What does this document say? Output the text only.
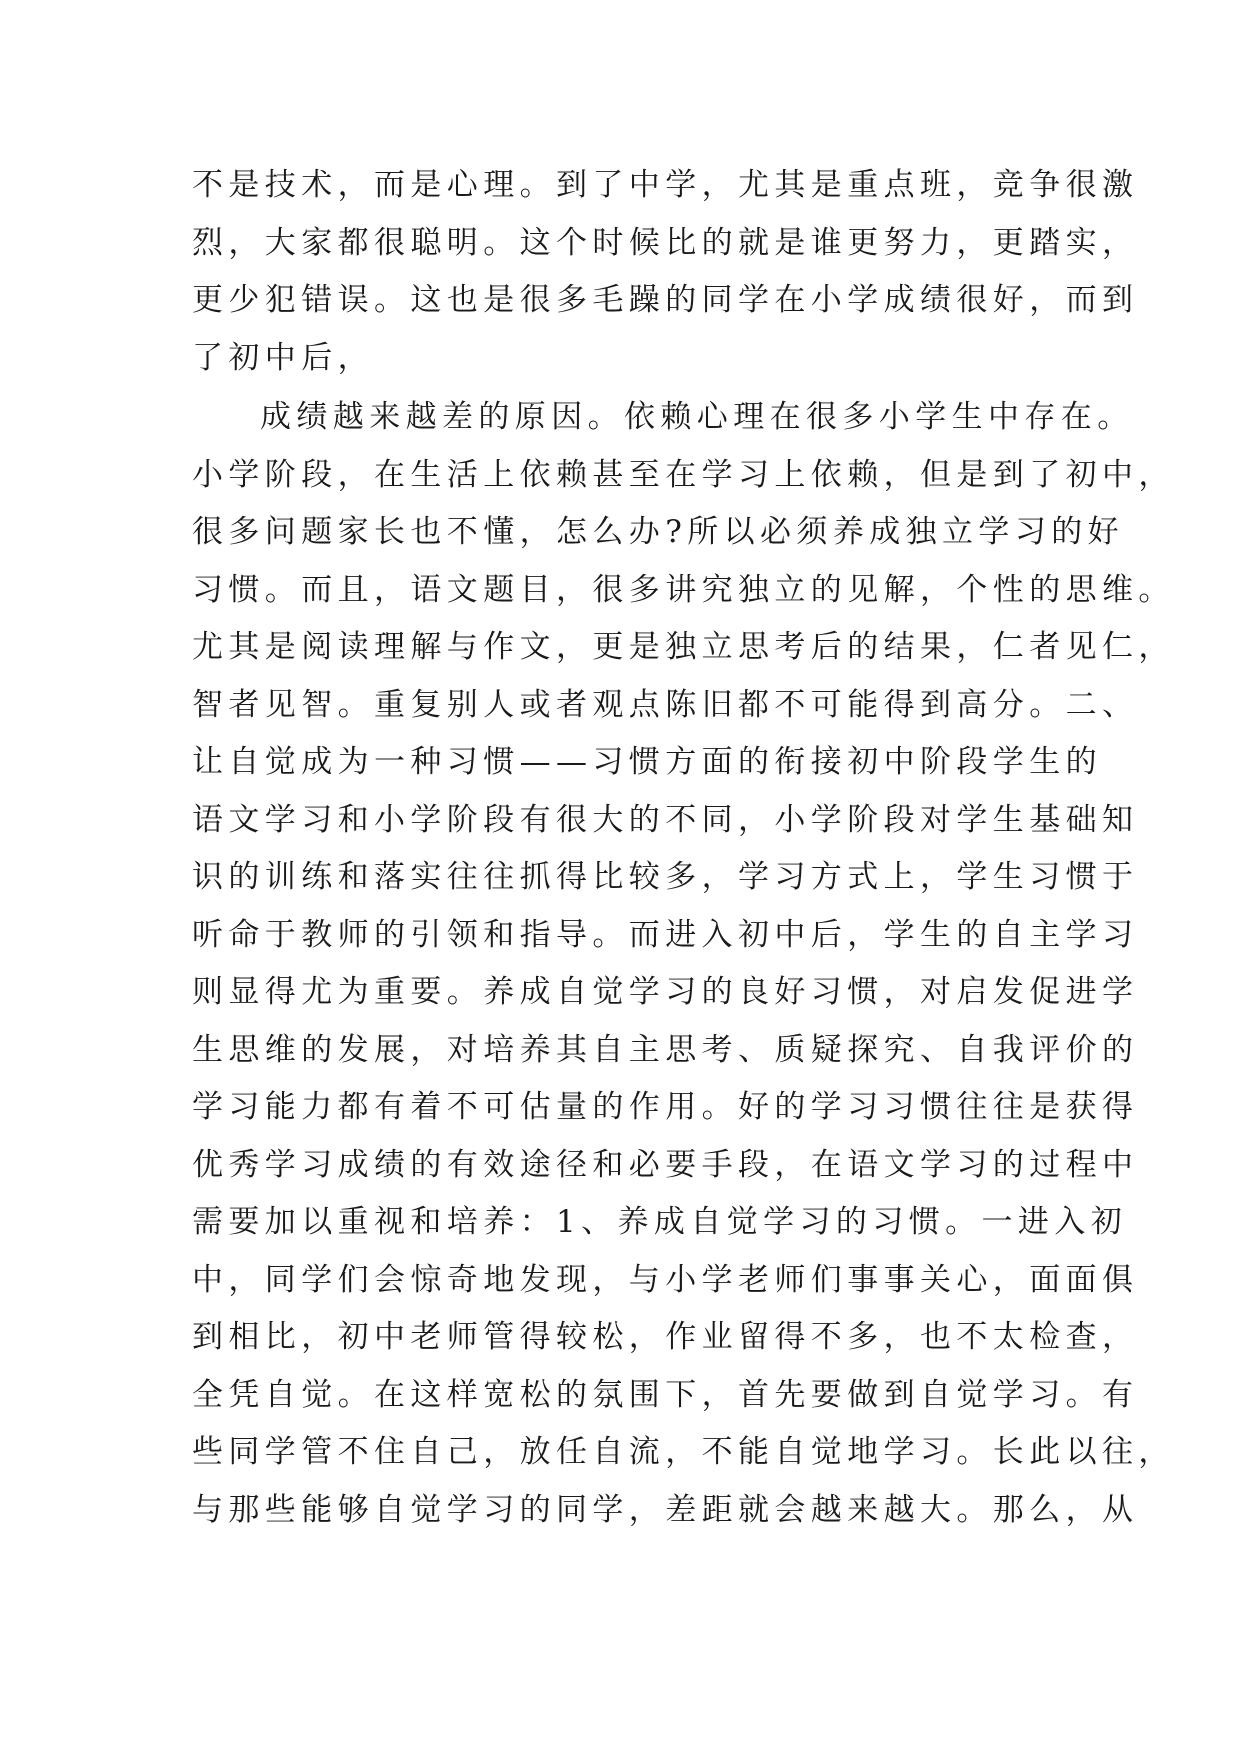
不是技术，而是心理。到了中学，尤其是重点班，竞争很激
烈，大家都很聪明。这个时候比的就是谁更努力，更踏实，
更少犯错误。这也是很多毛躁的同学在小学成绩很好，而到
了初中后，
成绩越来越差的原因。依赖心理在很多小学生中存在。
小学阶段，在生活上依赖甚至在学习上依赖，但是到了初中，
很多问题家长也不懂，怎么办?所以必须养成独立学习的好
习惯。而且，语文题目，很多讲究独立的见解，个性的思维。
尤其是阅读理解与作文，更是独立思考后的结果，仁者见仁，
智者见智。重复别人或者观点陈旧都不可能得到高分。二、
让自觉成为一种习惯——习惯方面的衔接初中阶段学生的
语文学习和小学阶段有很大的不同，小学阶段对学生基础知
识的训练和落实往往抓得比较多，学习方式上，学生习惯于
听命于教师的引领和指导。而进入初中后，学生的自主学习
则显得尤为重要。养成自觉学习的良好习惯，对启发促进学
生思维的发展，对培养其自主思考、质疑探究、自我评价的
学习能力都有着不可估量的作用。好的学习习惯往往是获得
优秀学习成绩的有效途径和必要手段，在语文学习的过程中
需要加以重视和培养：1、养成自觉学习的习惯。一进入初
中，同学们会惊奇地发现，与小学老师们事事关心，面面俱
到相比，初中老师管得较松，作业留得不多，也不太检查，
全凭自觉。在这样宽松的氛围下，首先要做到自觉学习。有
些同学管不住自己，放任自流，不能自觉地学习。长此以往，
与那些能够自觉学习的同学，差距就会越来越大。那么，从
